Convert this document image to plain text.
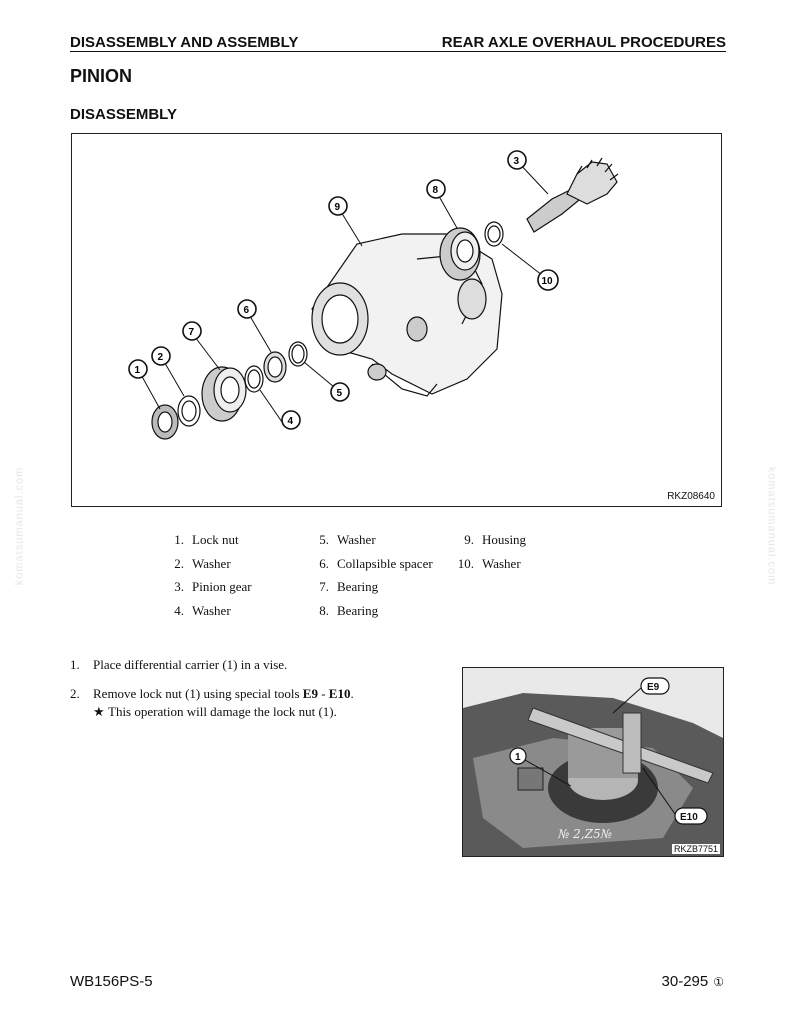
DISASSEMBLY AND ASSEMBLY	REAR AXLE OVERHAUL PROCEDURES
PINION
DISASSEMBLY
1
2
3
4
5
6
7
8
9
10
RKZ08640
1. Lock nut
2. Washer
3. Pinion gear
4. Washer
5. Washer
6. Collapsible spacer
7. Bearing
8. Bearing
9. Housing
10. Washer
1.	Place differential carrier (1) in a vise.
2.	Remove lock nut (1) using special tools E9 - E10.
★ This operation will damage the lock nut (1).
E9
1
E10
№ 2,Z5№
RKZB7751
WB156PS-5	30-295 ①
komatsumanual.com	komatsumanual.com
